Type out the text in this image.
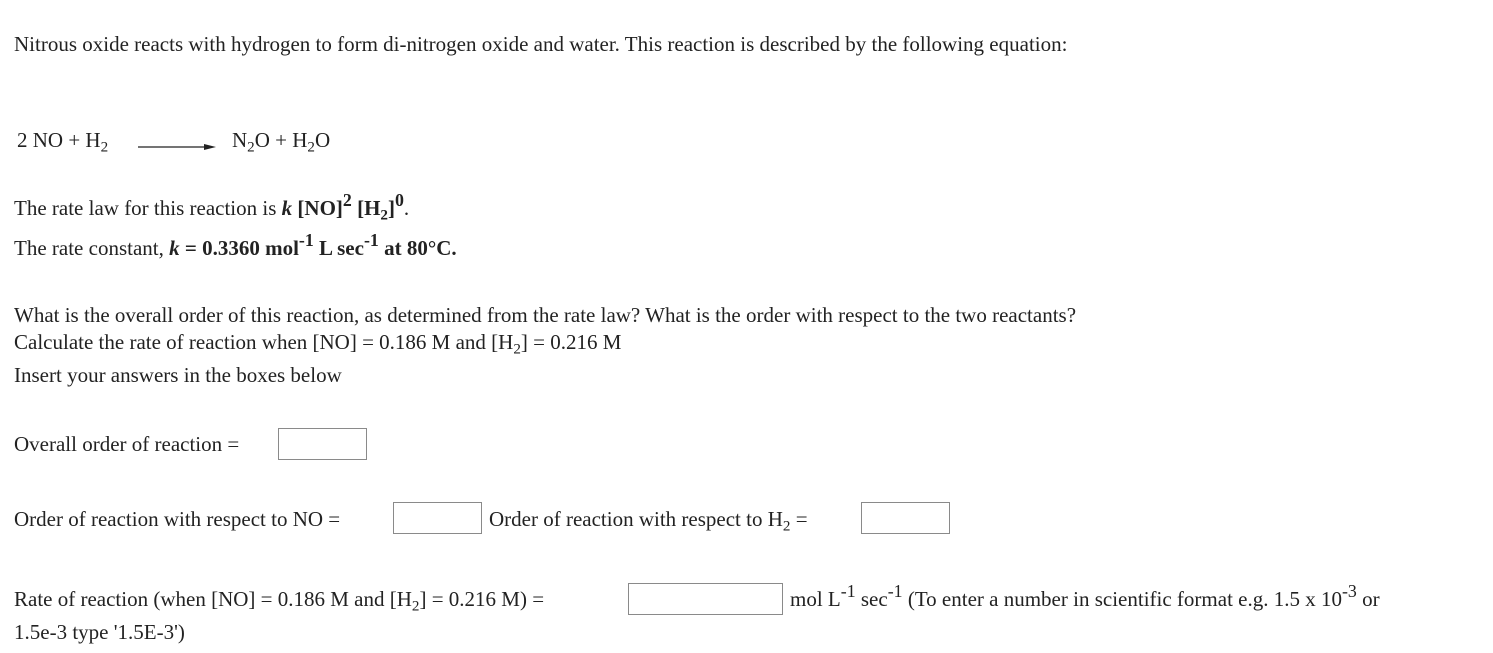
Nitrous oxide reacts with hydrogen to form di-nitrogen oxide and water. This reaction is described by the following equation:
2 NO + $H_2 \to N_2O + H_2O$
The rate law for this reaction is k [NO]$^2$ $[H_2]^0$.
The rate constant, k = 0.3360 mol$^{-1}$ L $\sec^{-1}$ at 80°C.
What is the overall order of this reaction, as determined from the rate law? What is the order with respect to the two reactants?
Calculate the rate of reaction when [NO] = 0.186 M and $[H_2] = 0.216$ M
Insert your answers in the boxes below
Overall order of reaction =
Order of reaction with respect to NO =	Order of reaction with respect to $H_2$ =
Rate of reaction (when [NO] = 0.186 M and $[H_2] = 0.216$ M) =	mol $L^{-1}$ $\sec^{-1} (To$ enter a number in scientific format e.g. 1.5 x $10^{-3}$ or
1.5e-3 type '1.5E-3')
